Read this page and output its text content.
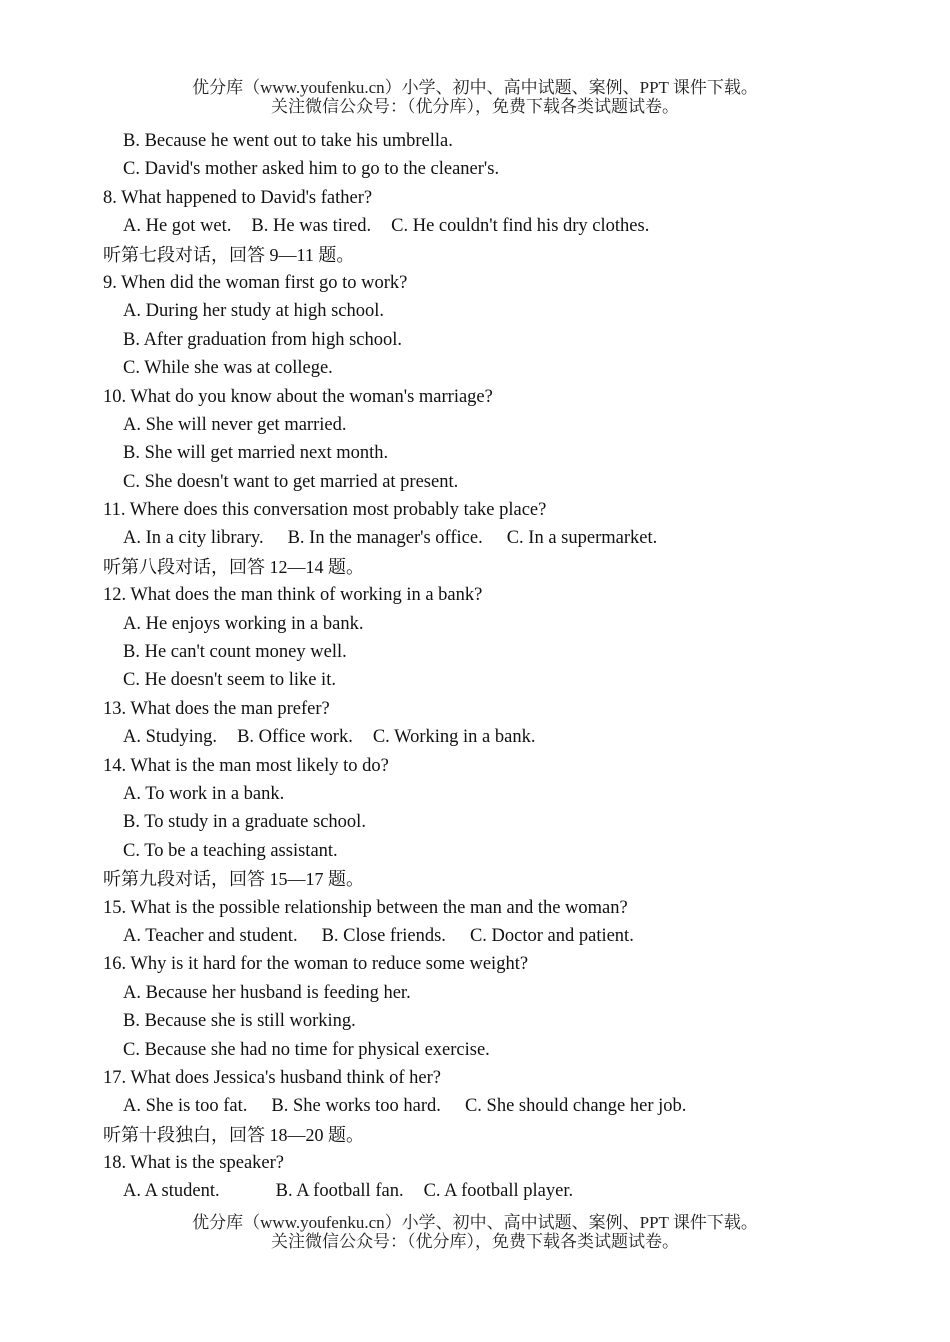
优分库（www.youfenku.cn）小学、初中、高中试题、案例、PPT 课件下载。
关注微信公众号：（优分库），免费下载各类试题试卷。
B. Because he went out to take his umbrella.
C. David's mother asked him to go to the cleaner's.
8. What happened to David's father?
A. He got wet. B. He was tired. C. He couldn't find his dry clothes.
听第七段对话，回答 9—11 题。
9. When did the woman first go to work?
A. During her study at high school.
B. After graduation from high school.
C. While she was at college.
10. What do you know about the woman's marriage?
A. She will never get married.
B. She will get married next month.
C. She doesn't want to get married at present.
11. Where does this conversation most probably take place?
A. In a city library. B. In the manager's office. C. In a supermarket.
听第八段对话，回答 12—14 题。
12. What does the man think of working in a bank?
A. He enjoys working in a bank.
B. He can't count money well.
C. He doesn't seem to like it.
13. What does the man prefer?
A. Studying. B. Office work. C. Working in a bank.
14. What is the man most likely to do?
A. To work in a bank.
B. To study in a graduate school.
C. To be a teaching assistant.
听第九段对话，回答 15—17 题。
15. What is the possible relationship between the man and the woman?
A. Teacher and student. B. Close friends. C. Doctor and patient.
16. Why is it hard for the woman to reduce some weight?
A. Because her husband is feeding her.
B. Because she is still working.
C. Because she had no time for physical exercise.
17. What does Jessica's husband think of her?
A. She is too fat. B. She works too hard. C. She should change her job.
听第十段独白，回答 18—20 题。
18. What is the speaker?
A. A student.	B. A football fan. C. A football player.
优分库（www.youfenku.cn）小学、初中、高中试题、案例、PPT 课件下载。
关注微信公众号：（优分库），免费下载各类试题试卷。
